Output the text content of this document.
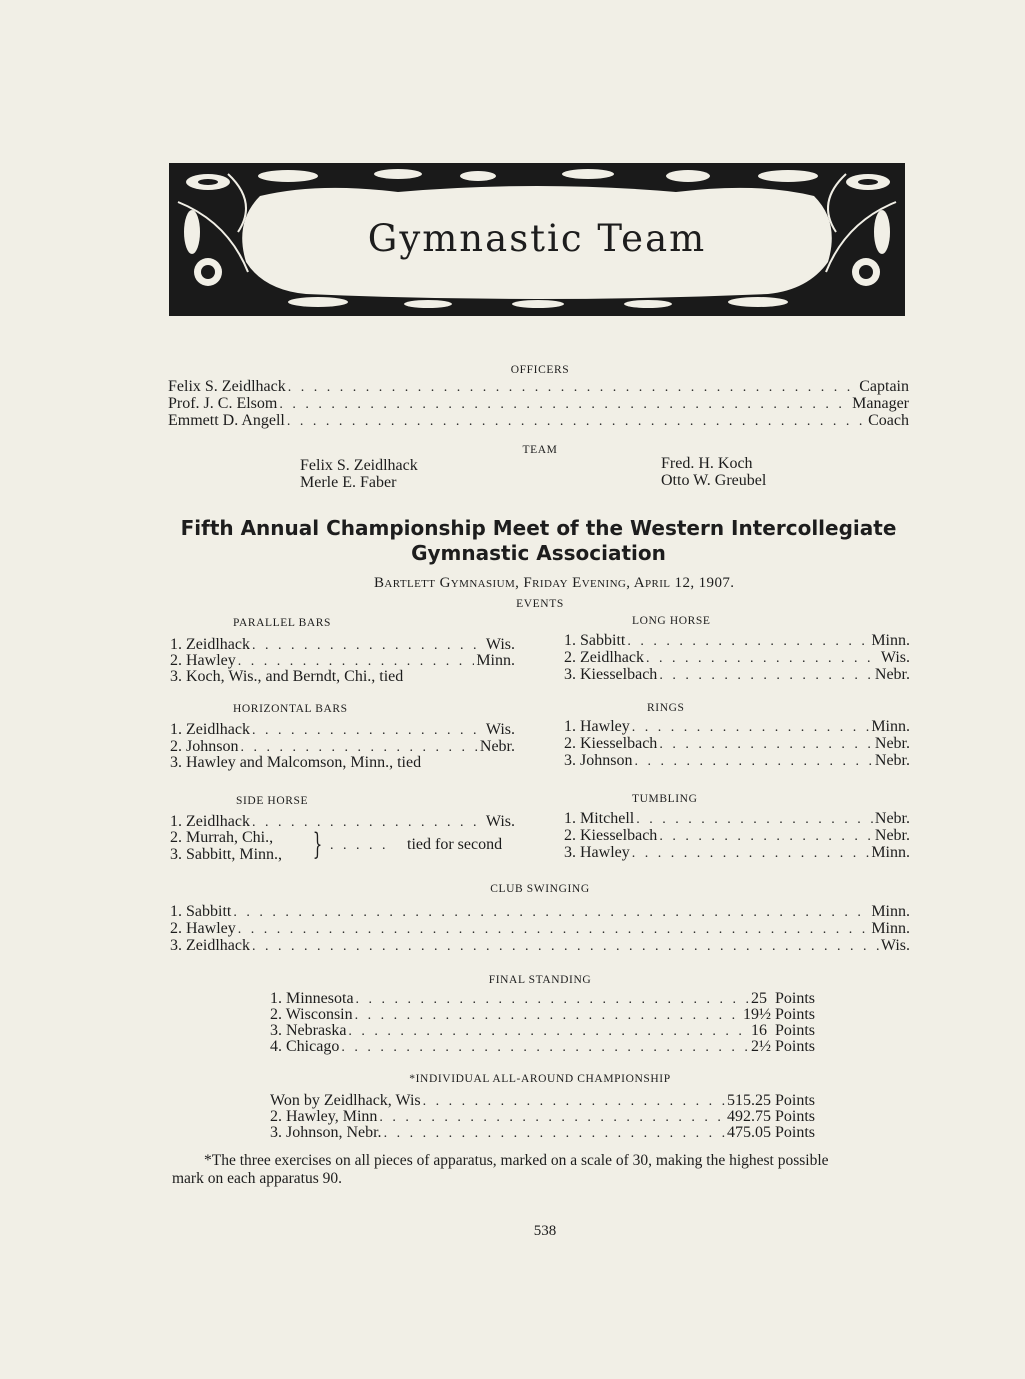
Gymnastic Team
OFFICERS
Felix S. Zeidlhack . . .	Captain
Prof. J. C. Elsom . . .	Manager
Emmett D. Angell . . .	Coach
TEAM
Felix S. Zeidlhack
Merle E. Faber
Fred. H. Koch
Otto W. Greubel
Fifth Annual Championship Meet of the Western Intercollegiate
Gymnastic Association
Bartlett Gymnasium, Friday Evening, April 12, 1907.
EVENTS
PARALLEL BARS
1. Zeidlhack . . .	Wis.
2. Hawley . . .	Minn.
3. Koch, Wis., and Berndt, Chi., tied
LONG HORSE
1. Sabbitt . . .	Minn.
2. Zeidlhack . . .	Wis.
3. Kiesselbach . . .	Nebr.
HORIZONTAL BARS
1. Zeidlhack . . .	Wis.
2. Johnson . . .	Nebr.
3. Hawley and Malcomson, Minn., tied
RINGS
1. Hawley . . .	Minn.
2. Kiesselbach . . .	Nebr.
3. Johnson . . .	Nebr.
SIDE HORSE
1. Zeidlhack . . .	Wis.
2. Murrah, Chi.,
3. Sabbitt, Minn., } . . . . . tied for second
TUMBLING
1. Mitchell . . .	Nebr.
2. Kiesselbach . . .	Nebr.
3. Hawley . . .	Minn.
CLUB SWINGING
1. Sabbitt . . .	Minn.
2. Hawley . . .	Minn.
3. Zeidlhack . . .	Wis.
FINAL STANDING
1. Minnesota . . .	25  Points
2. Wisconsin . . .	19½ Points
3. Nebraska . . .	16  Points
4. Chicago . . .	2½ Points
*INDIVIDUAL ALL-AROUND CHAMPIONSHIP
Won by Zeidlhack, Wis . . .	515.25 Points
2. Hawley, Minn . . .	492.75 Points
3. Johnson, Nebr. . . .	475.05 Points
*The three exercises on all pieces of apparatus, marked on a scale of 30, making the highest possible
mark on each apparatus 90.
538
